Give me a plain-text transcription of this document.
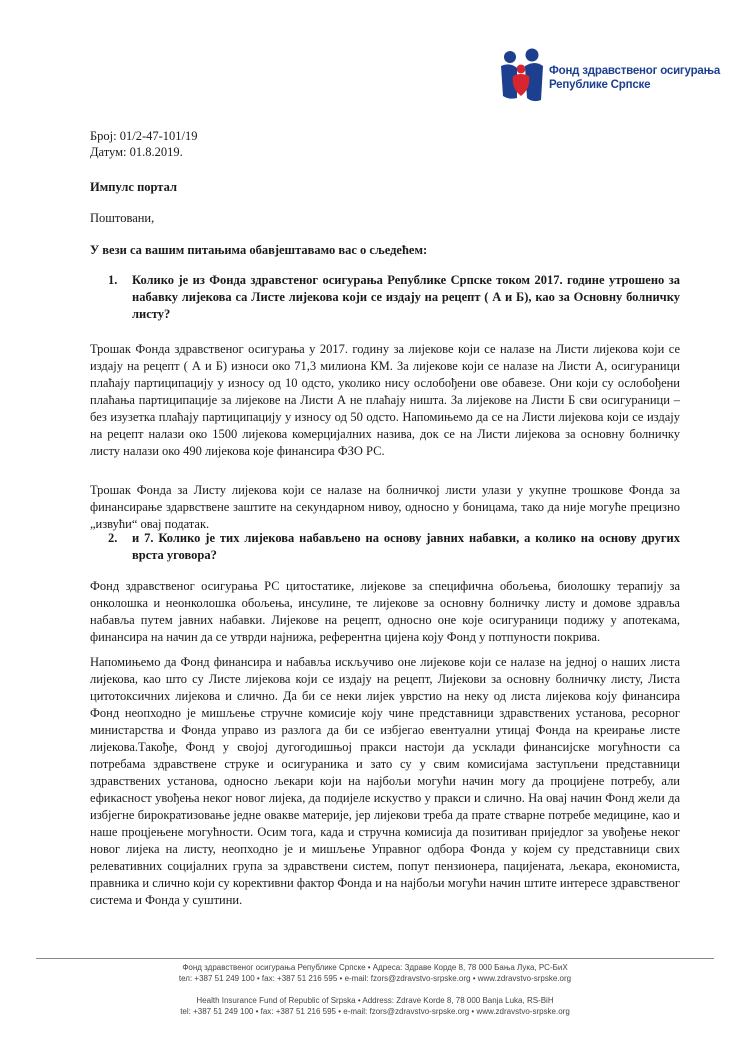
Фонд здравственог осигурања
Републике Српске
Број: 01/2-47-101/19
Датум: 01.8.2019.
Импулс портал
Поштовани,
У вези са вашим питањима обавјештавамо вас о сљедећем:
1. Колико је из Фонда здравстеног осигурања Републике Српске током 2017. године утрошено за набавку лијекова са Листе лијекова који се издају на рецепт ( А и Б), као за Основну болничку листу?
Трошак Фонда здравственог осигурања у 2017. годину за лијекове који се налазе на Листи лијекова који се издају на рецепт ( А и Б) износи око 71,3 милиона КМ. За лијекове који се налазе на Листи А, осигураници плаћају партиципацију у износу од 10 одсто, уколико нису ослобођени ове обавезе. Они који су ослобођени плаћања партиципације за лијекове на Листи А не плаћају ништа. За лијекове на Листи Б сви осигураници – без изузетка плаћају партиципацију у износу од 50 одсто. Напомињемо да се на Листи лијекова који се издају на рецепт налази око 1500 лијекова комерцијалних назива, док се на Листи лијекова за основну болничку листу налази око 490 лијекова које финансира ФЗО РС.
Трошак Фонда за Листу лијекова који се налазе на болничкој листи улази у укупне трошкове Фонда за финансирање здарвствене заштите на секундарном нивоу, односно у боницама, тако да није могуће прецизно „извући“ овај податак.
2. и 7. Колико је тих лијекова набављено на основу јавних набавки, а колико на основу других врста уговора?
Фонд здравственог осигурања РС цитостатике, лијекове за специфична обољења, биолошку терапију за онколошка и неонколошка обољења, инсулине, те лијекове за основну болничку листу и домове здравља набавља путем јавних набавки. Лијекове на рецепт, односно оне које осигураници подижу у апотекама, финансира на начин да се утврди најнижа, референтна цијена коју Фонд у потпуности покрива.
Напомињемо да Фонд финансира и набавља искључиво оне лијекове који се налазе на једној о наших листа лијекова, као што су Листе лијекова који се издају на рецепт, Лијекови за основну болничку листу, Листа цитотоксичних лијекова и слично. Да би се неки лијек уврстио на неку од листа лијекова коју финансира Фонд неопходно је мишљење стручне комисије коју чине представници здравствених установа, ресорног министарства и Фонда управо из разлога да би се избјегао евентуални утицај Фонда на креирање листе лијекова.Такође, Фонд у својој дугогодишњој пракси настоји да усклади финансијске могућности са потребама здравствене струке и осигураника и зато су у свим комисијама заступљени представници здравствених установа, односно љекари који на најбољи могући начин могу да процијене потребу, али ефикасност увођења неког новог лијека, да подијеле искуство у пракси и слично. На овај начин Фонд жели да избјегне бирократизовање једне овакве материје, јер лијекови треба да прате стварне потребе медицине, као и наше процјењене могућности. Осим тога, када и стручна комисија да позитиван приједлог за увођење неког новог лијека на листу, неопходно је и мишљење Управног одбора Фонда у којем су представници свих релевативних социјалних група за здравствени систем, попут пензионера, пацијената, љекара, економиста, правника и слично који су корективни фактор Фонда и на најбољи могући начин штите интересе здравственог система и Фонда у суштини.
Фонд здравственог осигурања Републике Српске • Адреса: Здраве Корде 8, 78 000 Бања Лука, РС-БиХ
tел: +387 51 249 100 • fax: +387 51 216 595 • e-mail: fzors@zdravstvo-srpske.org • www.zdravstvo-srpske.org
Health Insurance Fund of Republic of Srpska • Address: Zdrave Korde 8, 78 000 Banja Luka, RS-BiH
tel: +387 51 249 100 • fax: +387 51 216 595 • e-mail: fzors@zdravstvo-srpske.org • www.zdravstvo-srpske.org
